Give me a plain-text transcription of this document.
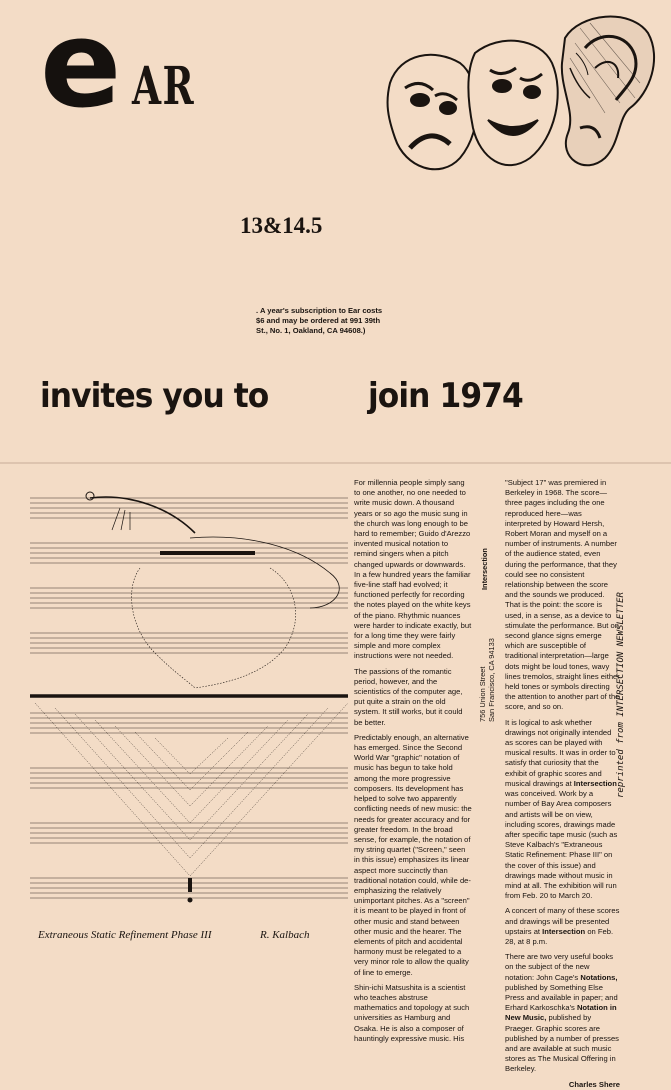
e AR
13&14.5
. A year's subscription to Ear costs $6 and may be ordered at 991 39th St., No. 1, Oakland, CA 94608.)
invites you to	join 1974
Extraneous Static Refinement Phase III	R. Kalbach

For millennia people simply sang to one another, no one needed to write music down. A thousand years or so ago the music sung in the church was long enough to be hard to remember; Guido d'Arezzo invented musical notation to remind singers when a pitch changed upwards or downwards. In a few hundred years the familiar five-line staff had evolved; it functioned perfectly for recording the notes played on the white keys of the piano. Rhythmic nuances were harder to indicate exactly, but for a long time they were fairly simple and more complex instructions were not needed.

The passions of the romantic period, however, and the scientistics of the computer age, put quite a strain on the old system. It still works, but it could be better.

Predictably enough, an alternative has emerged. Since the Second World War "graphic" notation of music has begun to take hold among the more progressive composers. Its development has helped to solve two apparently conflicting needs of new music: the needs for greater accuracy and for greater freedom. In the broad sense, for example, the notation of my string quartet ("Screen," seen in this issue) emphasizes its linear aspect more succinctly than traditional notation could, while de-emphasizing the relatively unimportant pitches. As a "screen" it is meant to be played in front of other music and stand between other music and the hearer. The elements of pitch and accidental harmony must be relegated to a very minor role to allow the quality of line to emerge.

Shin-ichi Matsushita is a scientist who teaches abstruse mathematics and topology at such universities as Hamburg and Osaka. He is also a composer of hauntingly expressive music. His

Intersection
756 Union Street San Francisco, CA 94133

"Subject 17" was premiered in Berkeley in 1968. The score—three pages including the one reproduced here—was interpreted by Howard Hersh, Robert Moran and myself on a number of instruments. A number of the audience stated, even during the performance, that they could see no consistent relationship between the score and the sounds we produced. That is the point: the score is used, in a sense, as a device to stimulate the performance. But on second glance signs emerge which are susceptible of traditional interpretation—large dots might be loud tones, wavy lines tremolos, straight lines either held tones or symbols directing the attention to another part of the score, and so on.

It is logical to ask whether drawings not originally intended as scores can be played with musical results. It was in order to satisfy that curiosity that the exhibit of graphic scores and musical drawings at Intersection was conceived. Work by a number of Bay Area composers and artists will be on view, including scores, drawings made after specific tape music (such as Steve Kalbach's "Extraneous Static Refinement: Phase III" on the cover of this issue) and drawings made without music in mind at all. The exhibition will run from Feb. 20 to March 20.

A concert of many of these scores and drawings will be presented upstairs at Intersection on Feb. 28, at 8 p.m.

There are two very useful books on the subject of the new notation: John Cage's Notations, published by Something Else Press and available in paper; and Erhard Karkoschka's Notation in New Music, published by Praeger. Graphic scores are published by a number of presses and are available at such music stores as The Musical Offering in Berkeley.

Charles Shere
reprinted from INTERSECTION NEWSLETTER
